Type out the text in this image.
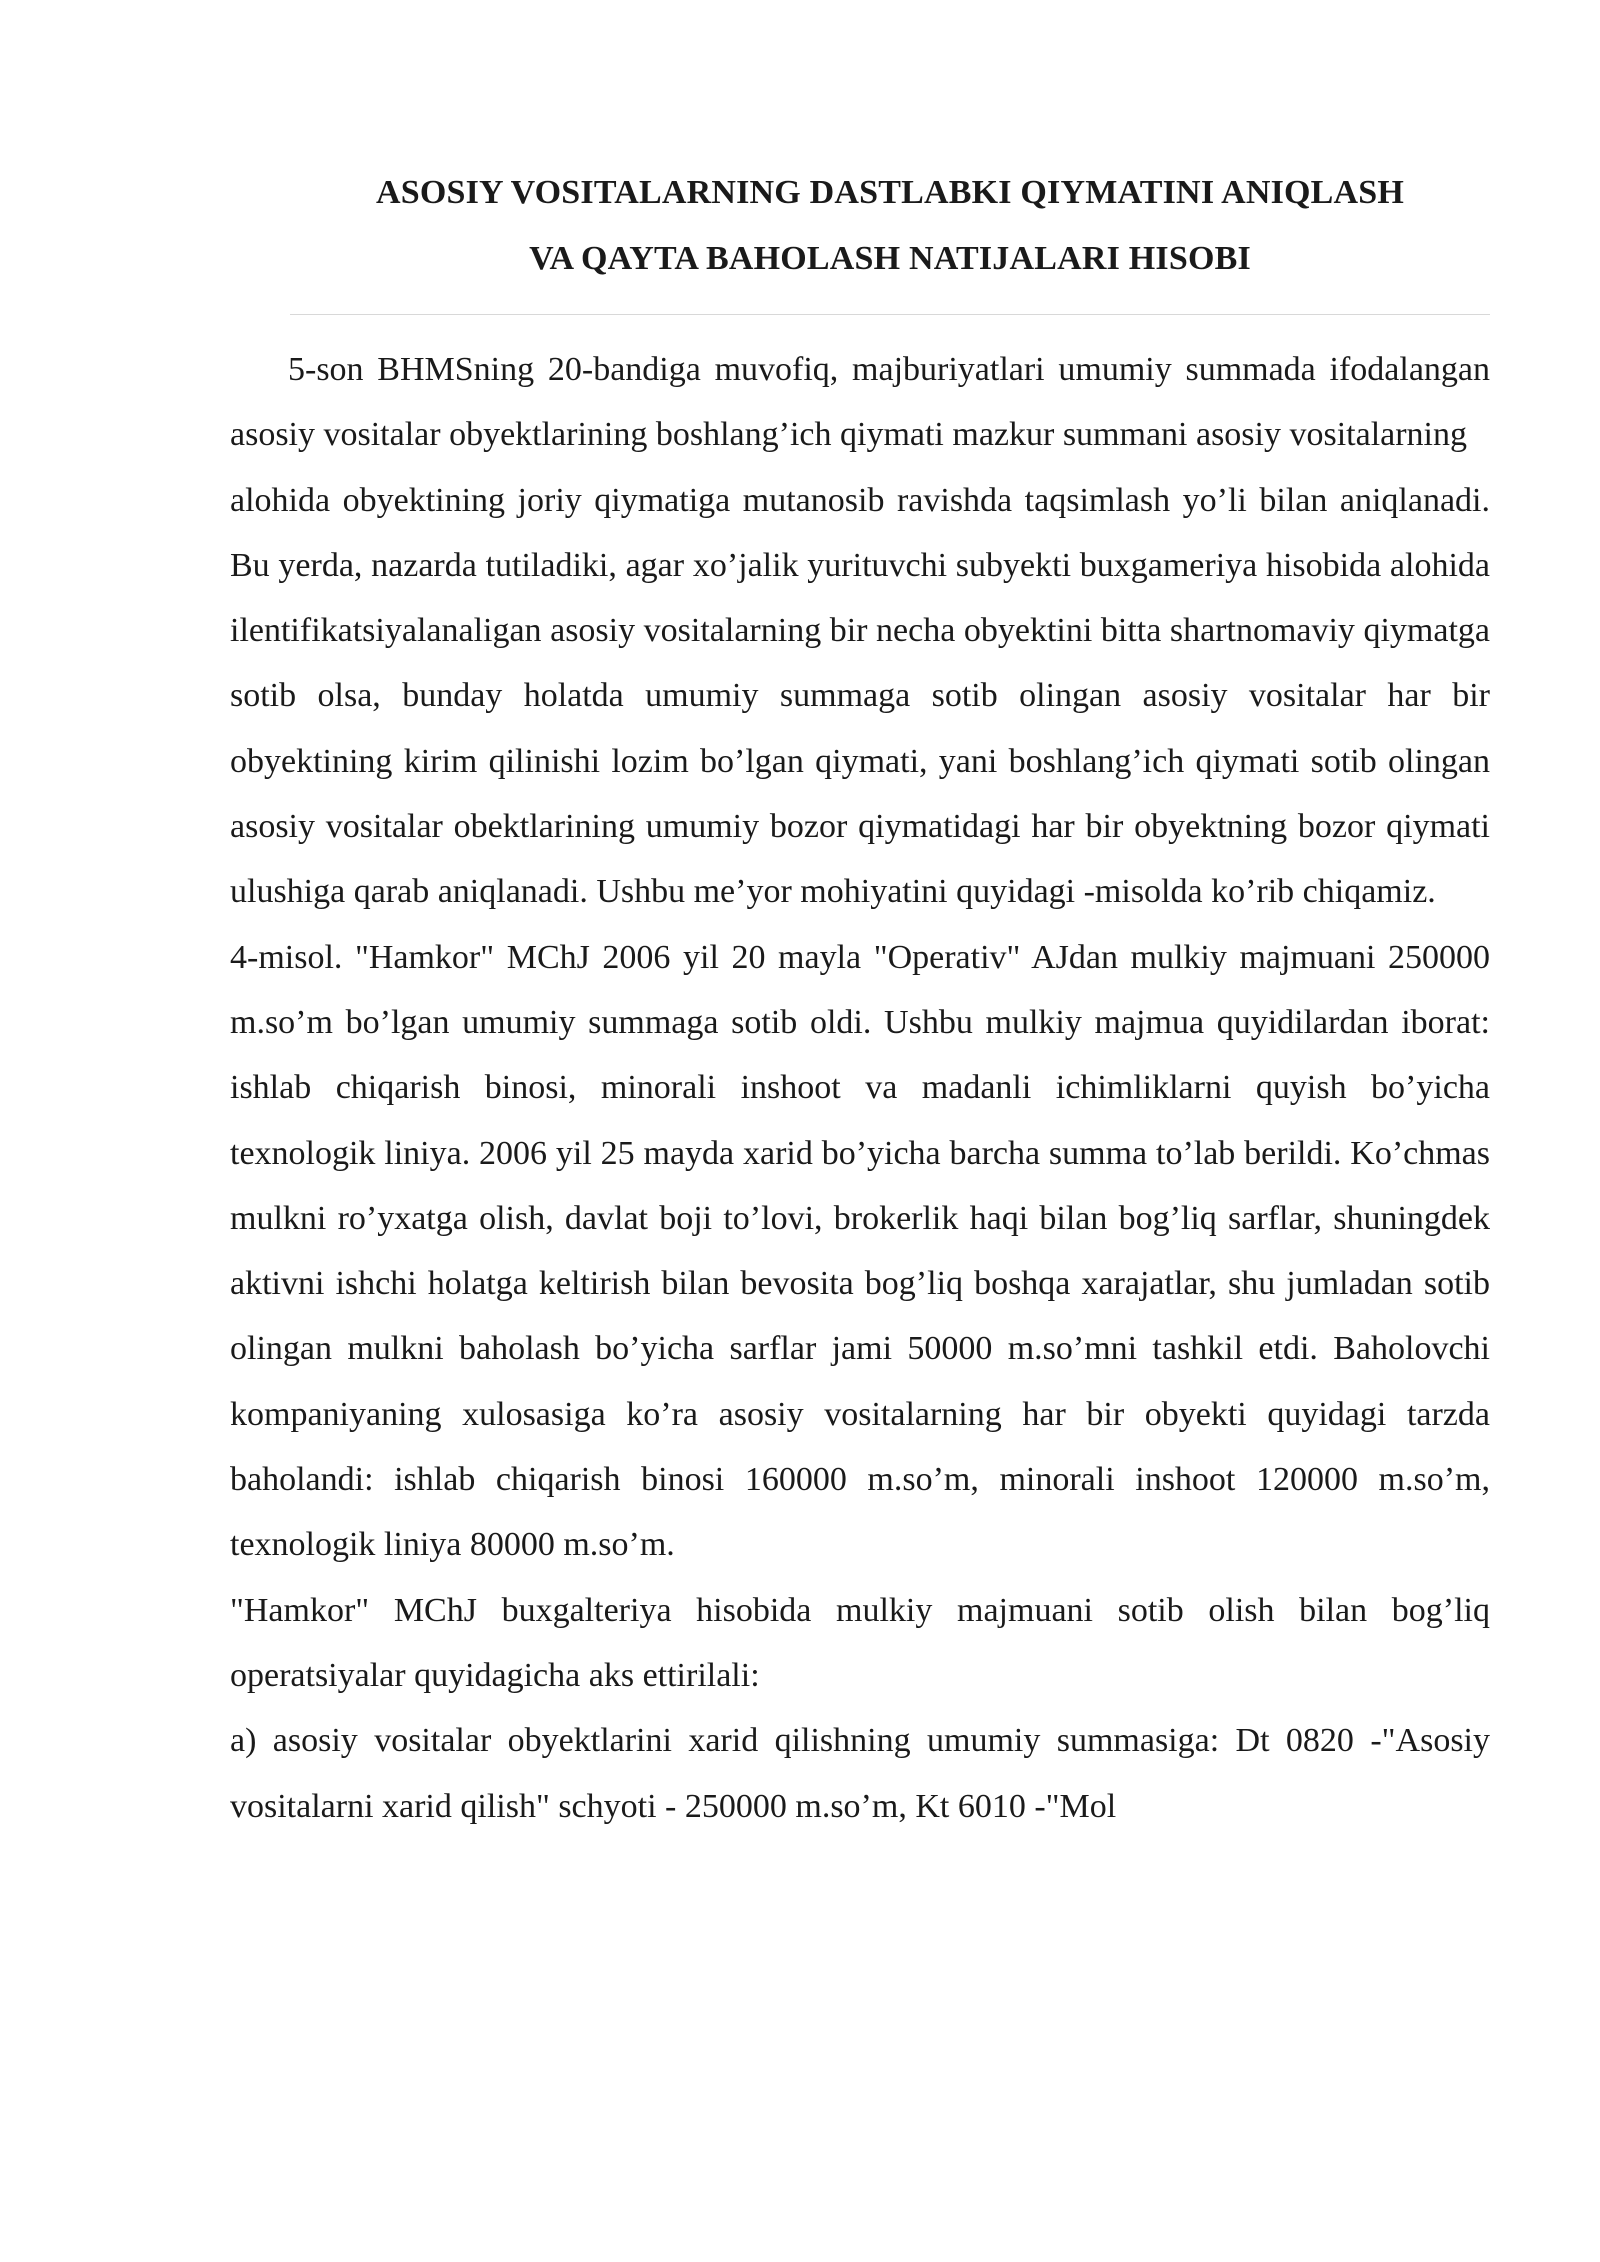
ASOSIY VOSITALARNING DASTLABKI QIYMATINI ANIQLASH
VA QAYTA BAHOLASH NATIJALARI HISOBI

5-son BHMSning 20-bandiga muvofiq, majburiyatlari umumiy summada ifodalangan asosiy vositalar obyektlarining boshlang’ich qiymati mazkur summani asosiy vositalarning

alohida obyektining joriy qiymatiga mutanosib ravishda taqsimlash yo’li bilan aniqlanadi. Bu yerda, nazarda tutiladiki, agar xo’jalik yurituvchi subyekti buxgameriya hisobida alohida ilentifikatsiyalanaligan asosiy vositalarning bir necha obyektini bitta shartnomaviy qiymatga sotib olsa, bunday holatda umumiy summaga sotib olingan asosiy vositalar har bir obyektining kirim qilinishi lozim bo’lgan qiymati, yani boshlang’ich qiymati sotib olingan asosiy vositalar obektlarining umumiy bozor qiymatidagi har bir obyektning bozor qiymati ulushiga qarab aniqlanadi. Ushbu me’yor mohiyatini quyidagi -misolda ko’rib chiqamiz.

4-misol. "Hamkor" MChJ 2006 yil 20 mayla "Operativ" AJdan mulkiy majmuani 250000 m.so’m bo’lgan umumiy summaga sotib oldi. Ushbu mulkiy majmua quyidilardan iborat: ishlab chiqarish binosi, minorali inshoot va madanli ichimliklarni quyish bo’yicha texnologik liniya. 2006 yil 25 mayda xarid bo’yicha barcha summa to’lab berildi. Ko’chmas mulkni ro’yxatga olish, davlat boji to’lovi, brokerlik haqi bilan bog’liq sarflar, shuningdek aktivni ishchi holatga keltirish bilan bevosita bog’liq boshqa xarajatlar, shu jumladan sotib olingan mulkni baholash bo’yicha sarflar jami 50000 m.so’mni tashkil etdi. Baholovchi kompaniyaning xulosasiga ko’ra asosiy vositalarning har bir obyekti quyidagi tarzda baholandi: ishlab chiqarish binosi 160000 m.so’m, minorali inshoot 120000 m.so’m, texnologik liniya 80000 m.so’m.

"Hamkor" MChJ buxgalteriya hisobida mulkiy majmuani sotib olish bilan bog’liq operatsiyalar quyidagicha aks ettirilali:

a) asosiy vositalar obyektlarini xarid qilishning umumiy summasiga: Dt 0820 -"Asosiy vositalarni xarid qilish" schyoti - 250000 m.so’m, Kt 6010 -"Mol
